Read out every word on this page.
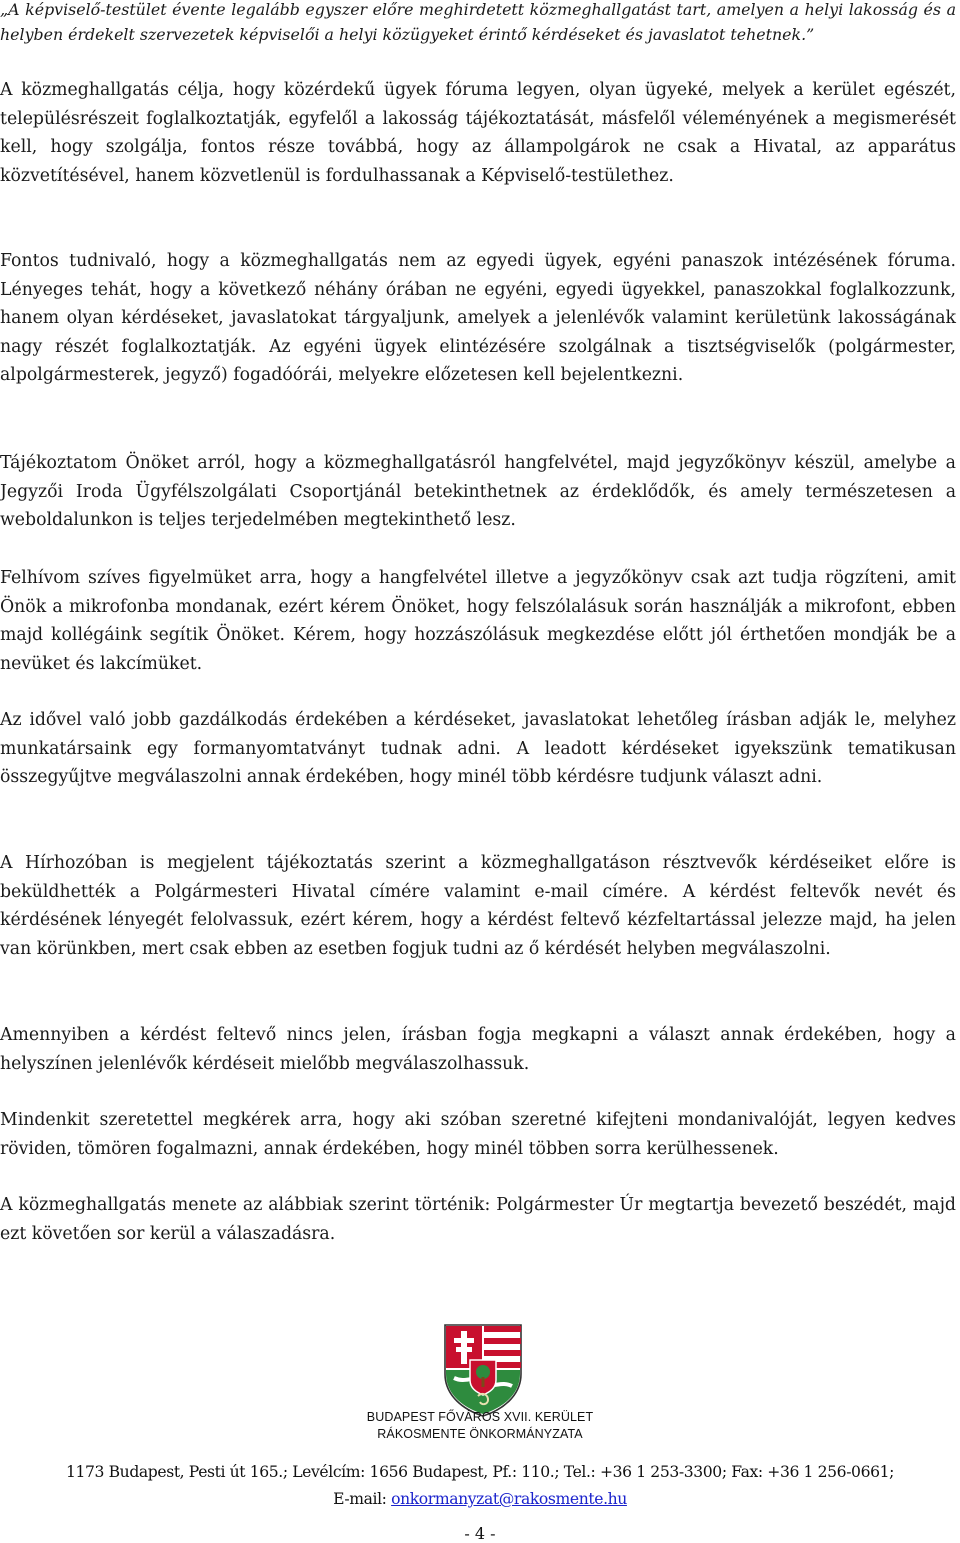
„A képviselő-testület évente legalább egyszer előre meghirdetett közmeghallgatást tart, amelyen a helyi lakosság és a helyben érdekelt szervezetek képviselői a helyi közügyeket érintő kérdéseket és javaslatot tehetnek.”

A közmeghallgatás célja, hogy közérdekű ügyek fóruma legyen, olyan ügyeké, melyek a kerület egészét, településrészeit foglalkoztatják, egyfelől a lakosság tájékoztatását, másfelől véleményének a megismerését kell, hogy szolgálja, fontos része továbbá, hogy az állampolgárok ne csak a Hivatal, az apparátus közvetítésével, hanem közvetlenül is fordulhassanak a Képviselő-testülethez.

Fontos tudnivaló, hogy a közmeghallgatás nem az egyedi ügyek, egyéni panaszok intézésének fóruma. Lényeges tehát, hogy a következő néhány órában ne egyéni, egyedi ügyekkel, panaszokkal foglalkozzunk, hanem olyan kérdéseket, javaslatokat tárgyaljunk, amelyek a jelenlévők valamint kerületünk lakosságának nagy részét foglalkoztatják. Az egyéni ügyek elintézésére szolgálnak a tisztségviselők (polgármester, alpolgármesterek, jegyző) fogadóórái, melyekre előzetesen kell bejelentkezni.

Tájékoztatom Önöket arról, hogy a közmeghallgatásról hangfelvétel, majd jegyzőkönyv készül, amelybe a Jegyzői Iroda Ügyfélszolgálati Csoportjánál betekinthetnek az érdeklődők, és amely természetesen a weboldalunkon is teljes terjedelmében megtekinthető lesz.

Felhívom szíves figyelmüket arra, hogy a hangfelvétel illetve a jegyzőkönyv csak azt tudja rögzíteni, amit Önök a mikrofonba mondanak, ezért kérem Önöket, hogy felszólalásuk során használják a mikrofont, ebben majd kollégáink segítik Önöket. Kérem, hogy hozzászólásuk megkezdése előtt jól érthetően mondják be a nevüket és lakcímüket.

Az idővel való jobb gazdálkodás érdekében a kérdéseket, javaslatokat lehetőleg írásban adják le, melyhez munkatársaink egy formanyomtatványt tudnak adni. A leadott kérdéseket igyekszünk tematikusan összegyűjtve megválaszolni annak érdekében, hogy minél több kérdésre tudjunk választ adni.

A Hírhozóban is megjelent tájékoztatás szerint a közmeghallgatáson résztvevők kérdéseiket előre is beküldhették a Polgármesteri Hivatal címére valamint e-mail címére. A kérdést feltevők nevét és kérdésének lényegét felolvassuk, ezért kérem, hogy a kérdést feltevő kézfeltartással jelezze majd, ha jelen van körünkben, mert csak ebben az esetben fogjuk tudni az ő kérdését helyben megválaszolni.

Amennyiben a kérdést feltevő nincs jelen, írásban fogja megkapni a választ annak érdekében, hogy a helyszínen jelenlévők kérdéseit mielőbb megválaszolhassuk.

Mindenkit szeretettel megkérek arra, hogy aki szóban szeretné kifejteni mondanivalóját, legyen kedves röviden, tömören fogalmazni, annak érdekében, hogy minél többen sorra kerülhessenek.

A közmeghallgatás menete az alábbiak szerint történik: Polgármester Úr megtartja bevezető beszédét, majd ezt követően sor kerül a válaszadásra.

BUDAPEST FŐVÁROS XVII. KERÜLET

RÁKOSMENTE ÖNKORMÁNYZATA

1173 Budapest, Pesti út 165.; Levélcím: 1656 Budapest, Pf.: 110.; Tel.: +36 1 253-3300; Fax: +36 1 256-0661;

E-mail: onkormanyzat@rakosmente.hu

- 4 -
